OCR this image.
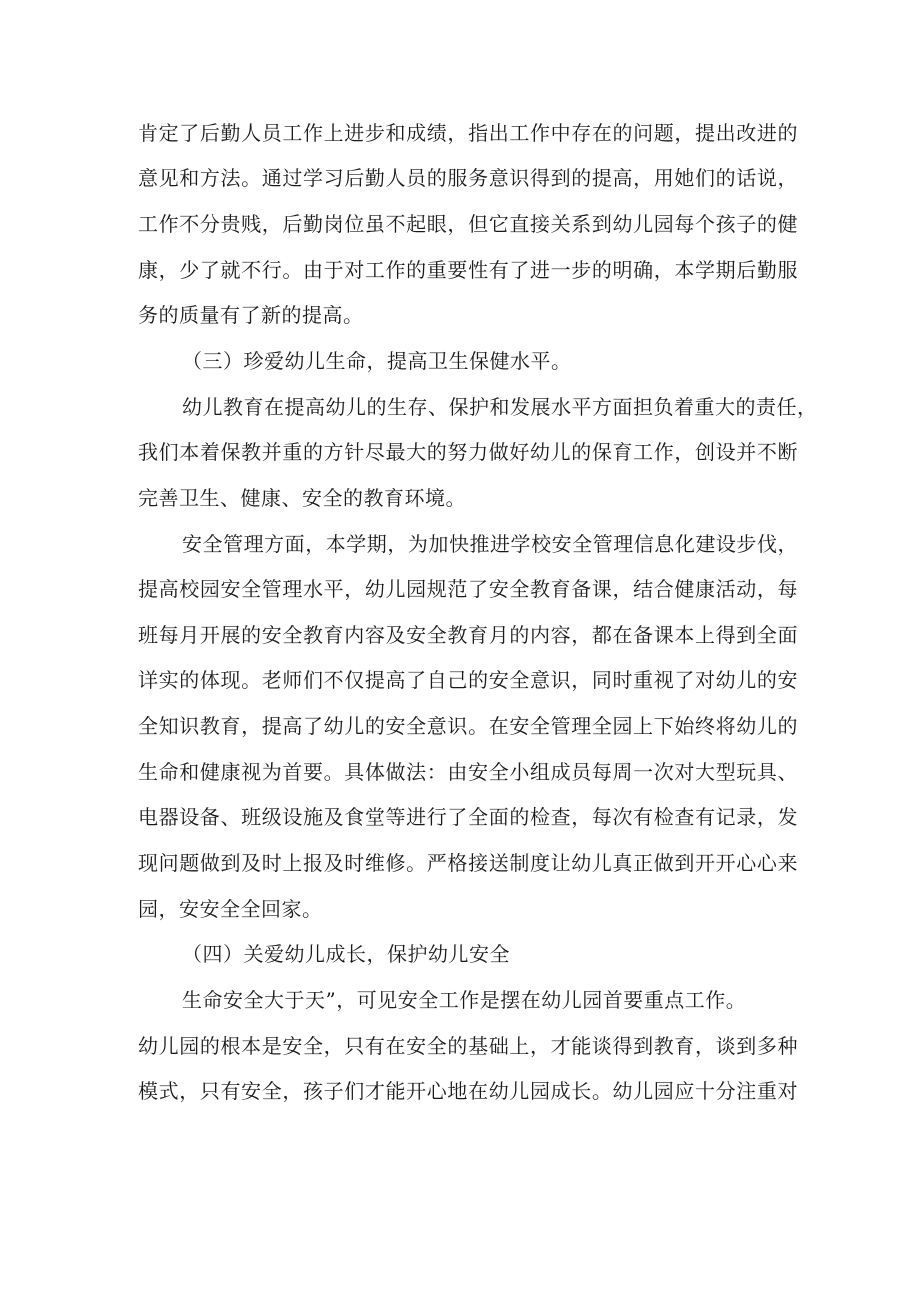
肯定了后勤人员工作上进步和成绩，指出工作中存在的问题，提出改进的
意见和方法。通过学习后勤人员的服务意识得到的提高，用她们的话说，
工作不分贵贱，后勤岗位虽不起眼，但它直接关系到幼儿园每个孩子的健
康，少了就不行。由于对工作的重要性有了进一步的明确，本学期后勤服
务的质量有了新的提高。
（三）珍爱幼儿生命，提高卫生保健水平。
幼儿教育在提高幼儿的生存、保护和发展水平方面担负着重大的责任，
我们本着保教并重的方针尽最大的努力做好幼儿的保育工作，创设并不断
完善卫生、健康、安全的教育环境。
安全管理方面，本学期，为加快推进学校安全管理信息化建设步伐，
提高校园安全管理水平，幼儿园规范了安全教育备课，结合健康活动，每
班每月开展的安全教育内容及安全教育月的内容，都在备课本上得到全面
详实的体现。老师们不仅提高了自己的安全意识，同时重视了对幼儿的安
全知识教育，提高了幼儿的安全意识。在安全管理全园上下始终将幼儿的
生命和健康视为首要。具体做法：由安全小组成员每周一次对大型玩具、
电器设备、班级设施及食堂等进行了全面的检查，每次有检查有记录，发
现问题做到及时上报及时维修。严格接送制度让幼儿真正做到开开心心来
园，安安全全回家。
（四）关爱幼儿成长，保护幼儿安全
生命安全大于天”，可见安全工作是摆在幼儿园首要重点工作。
幼儿园的根本是安全，只有在安全的基础上，才能谈得到教育，谈到多种
模式，只有安全，孩子们才能开心地在幼儿园成长。幼儿园应十分注重对
